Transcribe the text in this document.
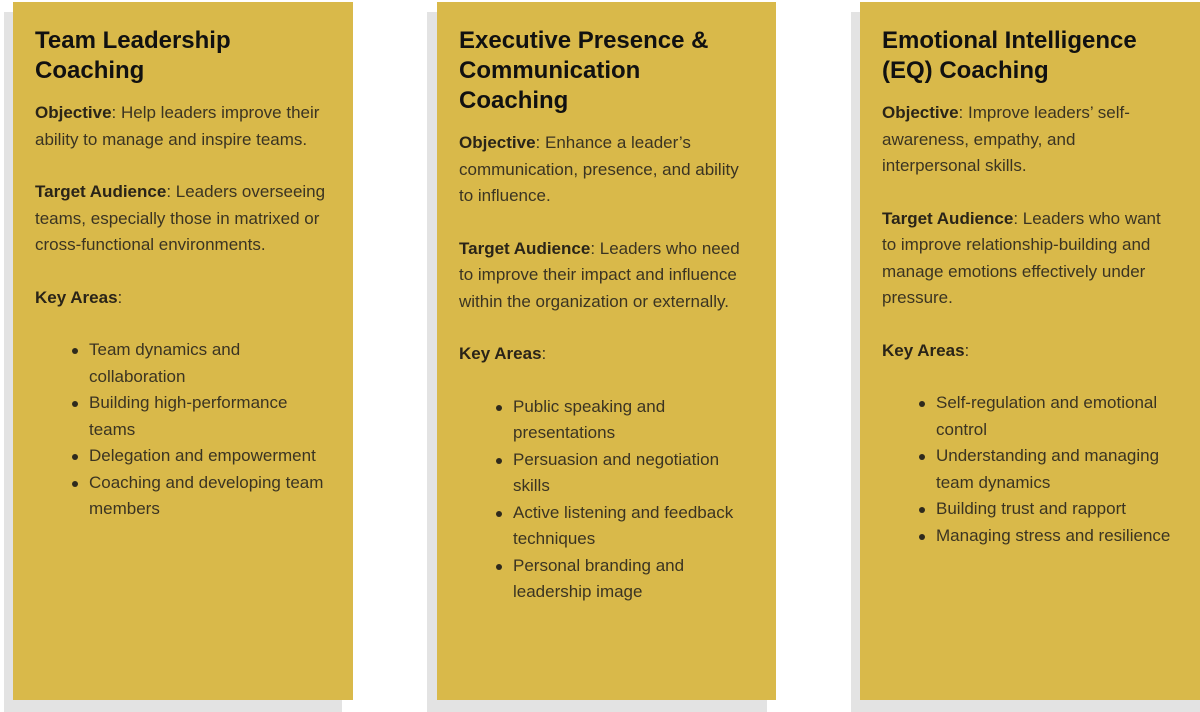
Team Leadership Coaching

Objective: Help leaders improve their ability to manage and inspire teams.

Target Audience: Leaders overseeing teams, especially those in matrixed or cross-functional environments.

Key Areas:

Team dynamics and collaboration
Building high-performance teams
Delegation and empowerment
Coaching and developing team members
Executive Presence & Communication Coaching

Objective: Enhance a leader’s communication, presence, and ability to influence.

Target Audience: Leaders who need to improve their impact and influence within the organization or externally.

Key Areas:

Public speaking and presentations
Persuasion and negotiation skills
Active listening and feedback techniques
Personal branding and leadership image
Emotional Intelligence (EQ) Coaching

Objective: Improve leaders’ self-awareness, empathy, and interpersonal skills.

Target Audience: Leaders who want to improve relationship-building and manage emotions effectively under pressure.

Key Areas:

Self-regulation and emotional control
Understanding and managing team dynamics
Building trust and rapport
Managing stress and resilience
